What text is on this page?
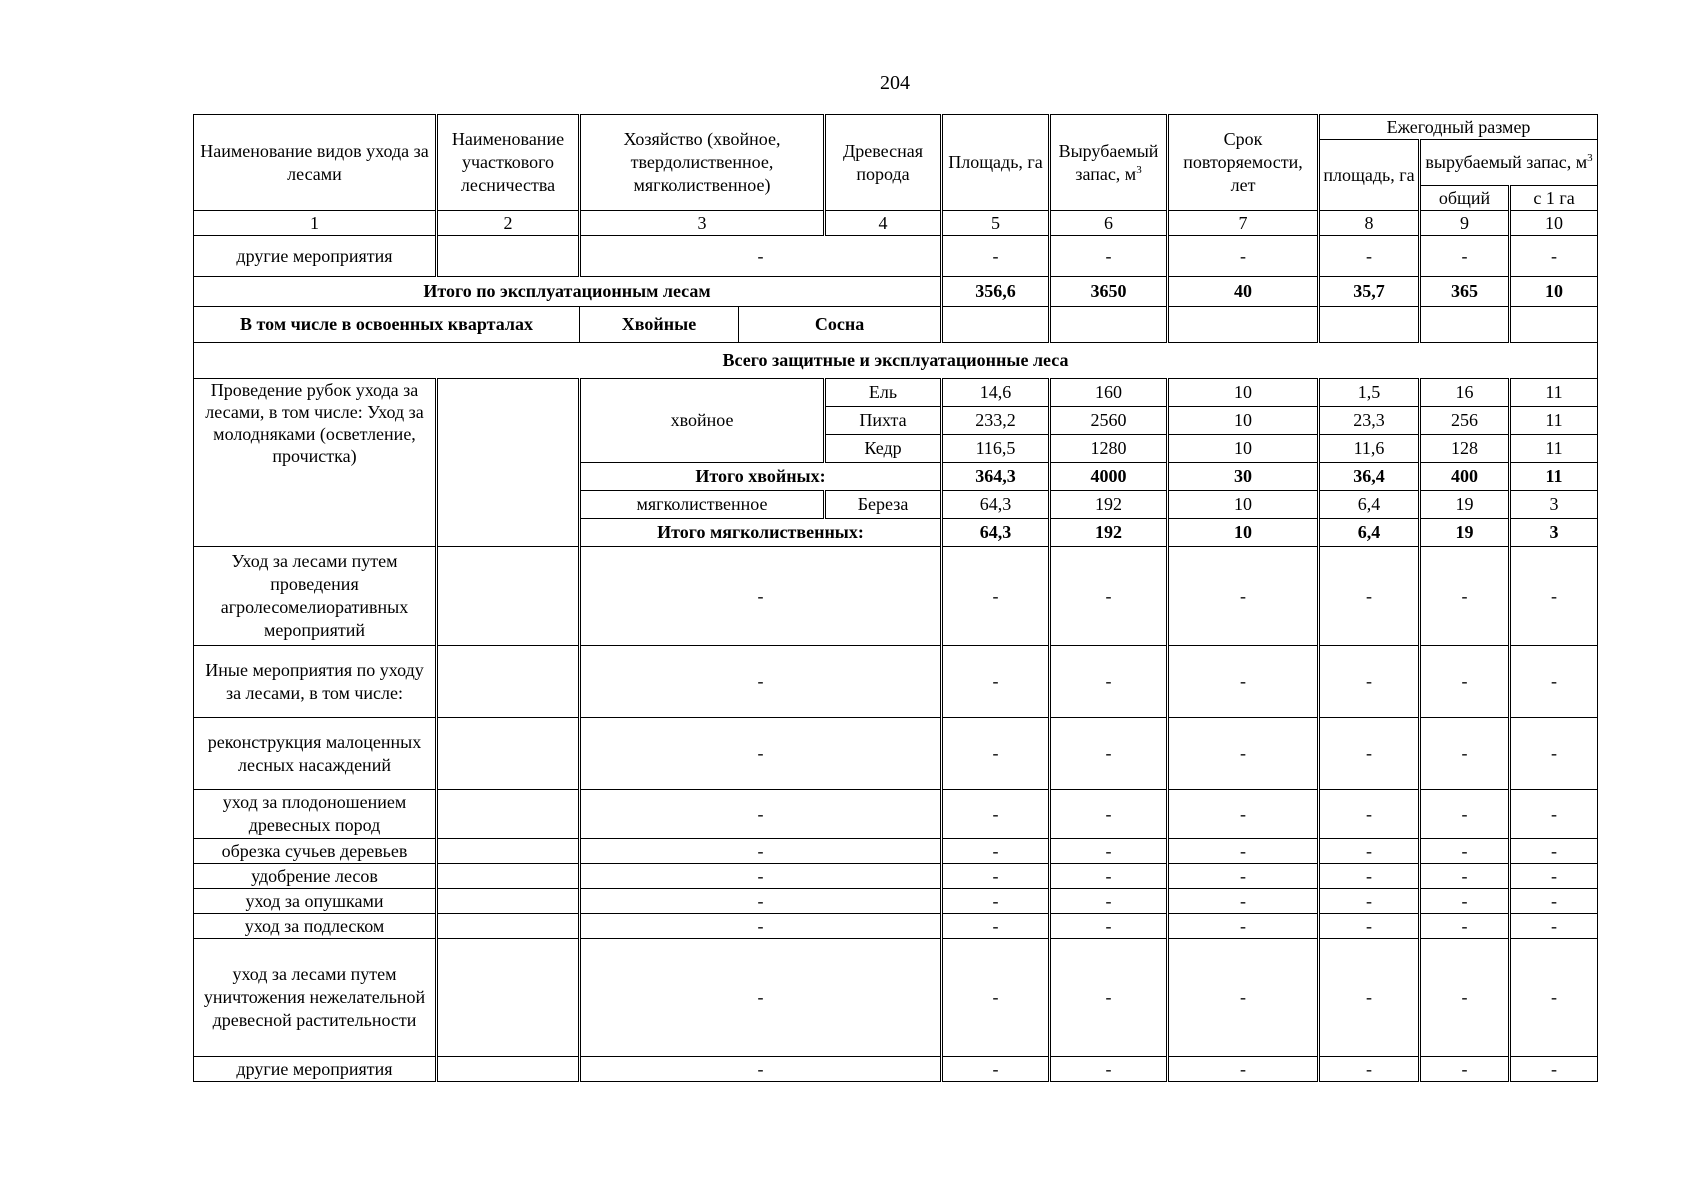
204
Наименование видов ухода за лесами	Наименование участкового лесничества	Хозяйство (хвойное, твердолиственное, мягколиственное)		Древесная порода	Площадь, га	Вырубаемый запас, $м^3$	Срок повторяемости, лет	Ежегодный размер		
								площадь, га	вырубаемый запас, $м^3$
									общий	с 1 га
1	2	3		4	5	6	7	8	9	10
другие мероприятия		-			-	-	-	-	-	-
Итого по эксплуатационным лесам					356,6	3650	40	35,7	365	10
В том числе в освоенных кварталах		Хвойные	Сосна							
Всего защитные и эксплуатационные леса										
Проведение рубок ухода за лесами, в том числе: Уход за молодняками (осветление, прочистка)		хвойное		Ель	14,6	160	10	1,5	16	11
				Пихта	233,2	2560	10	23,3	256	11
				Кедр	116,5	1280	10	11,6	128	11
		Итого хвойных:			364,3	4000	30	36,4	400	11
		мягколиственное		Береза	64,3	192	10	6,4	19	3
		Итого мягколиственных:			64,3	192	10	6,4	19	3
Уход за лесами путем проведения агролесомелиоративных мероприятий		-			-	-	-	-	-	-
Иные мероприятия по уходу за лесами, в том числе:		-			-	-	-	-	-	-
реконструкция малоценных лесных насаждений		-			-	-	-	-	-	-
уход за плодоношением древесных пород		-			-	-	-	-	-	-
обрезка сучьев деревьев		-			-	-	-	-	-	-
удобрение лесов		-			-	-	-	-	-	-
уход за опушками		-			-	-	-	-	-	-
уход за подлеском		-			-	-	-	-	-	-
уход за лесами путем уничтожения нежелательной древесной растительности		-			-	-	-	-	-	-
другие мероприятия		-			-	-	-	-	-	-
